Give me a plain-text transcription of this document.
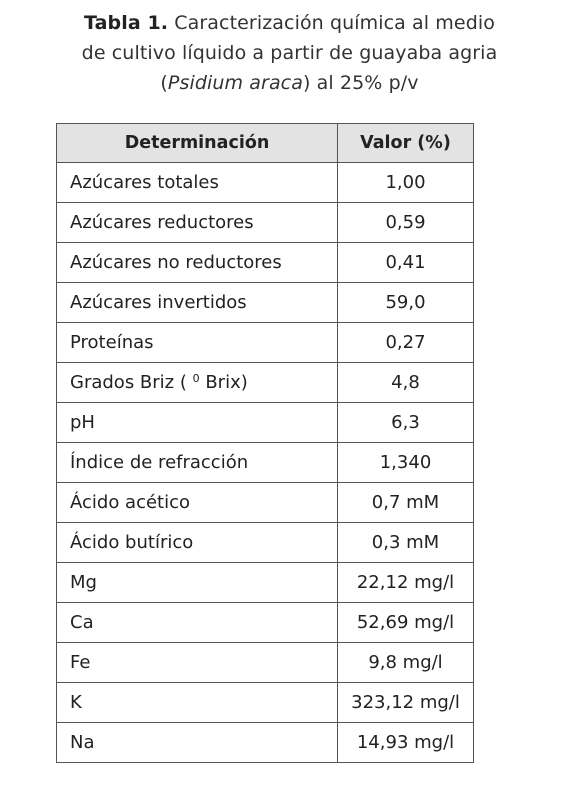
Tabla 1. Caracterización química al medio
de cultivo líquido a partir de guayaba agria
(Psidium araca) al 25% p/v
Determinación	Valor (%)
Azúcares totales	1,00
Azúcares reductores	0,59
Azúcares no reductores	0,41
Azúcares invertidos	59,0
Proteínas	0,27
Grados Briz ( $^0$ Brix)	4,8
pH	6,3
Índice de refracción	1,340
Ácido acético	0,7 mM
Ácido butírico	0,3 mM
Mg	22,12 mg/l
Ca	52,69 mg/l
Fe	9,8 mg/l
K	323,12 mg/l
Na	14,93 mg/l
